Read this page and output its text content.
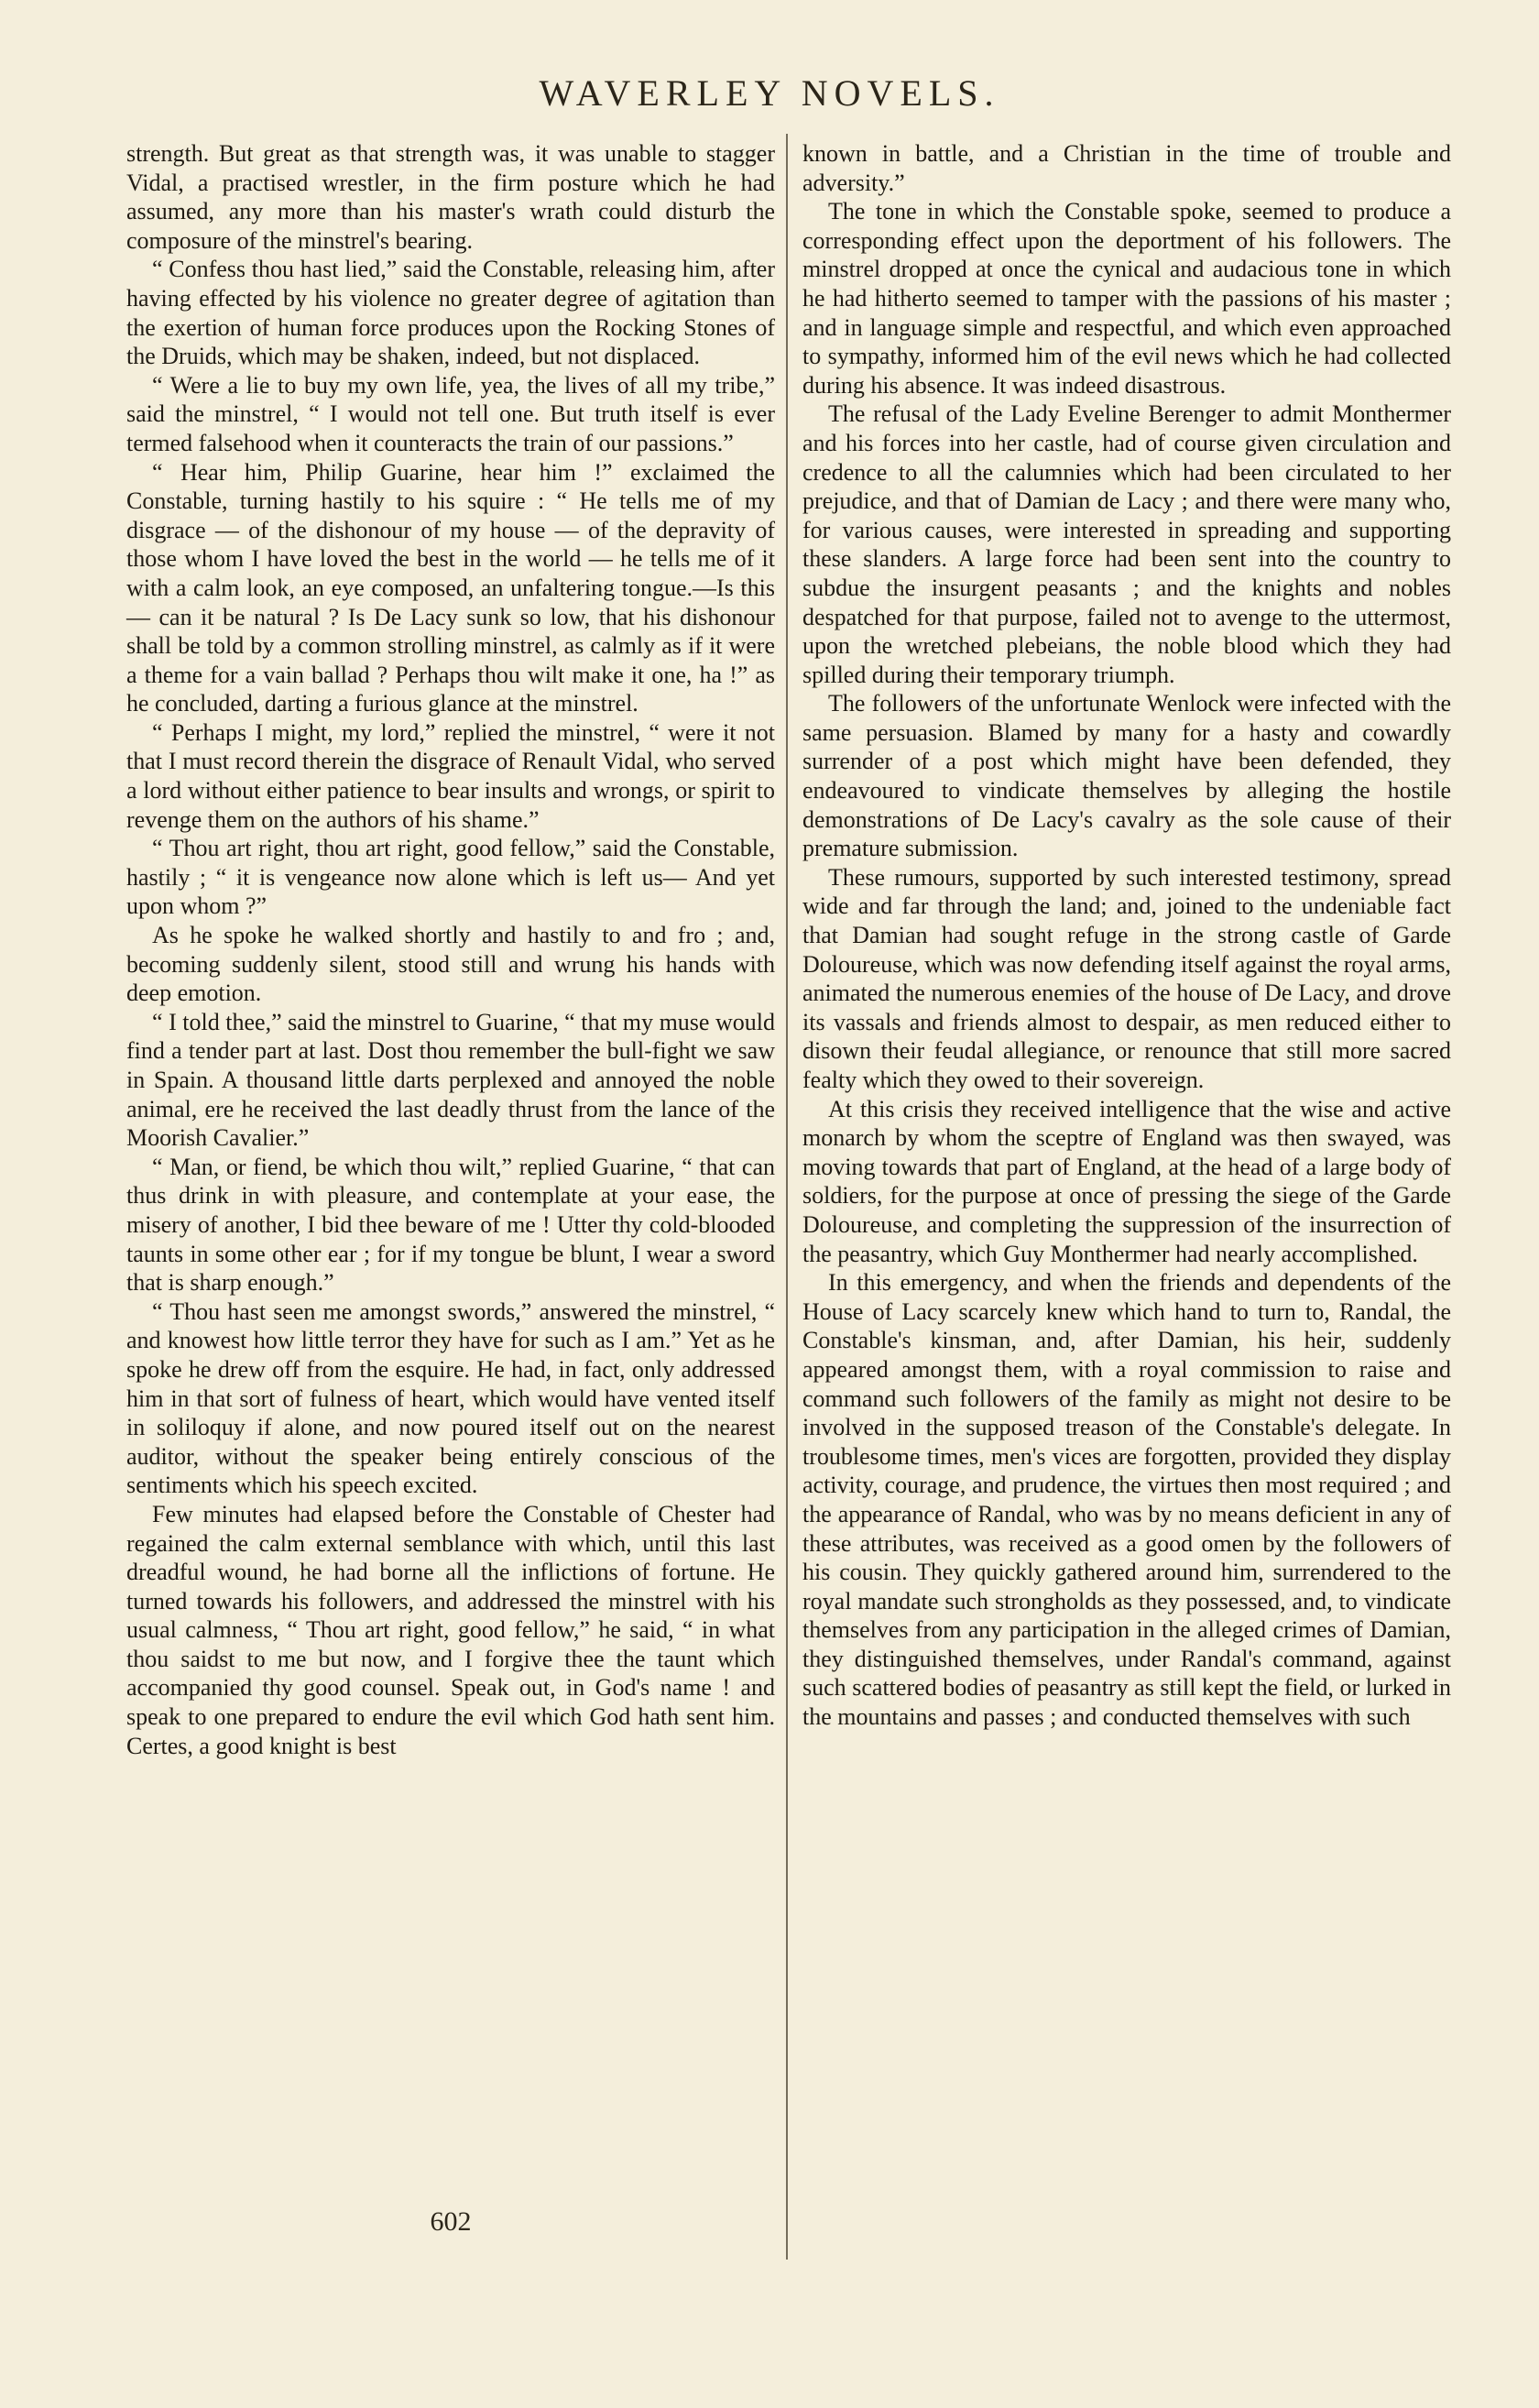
WAVERLEY NOVELS.

strength. But great as that strength was, it was unable to stagger Vidal, a practised wrestler, in the firm posture which he had assumed, any more than his master's wrath could disturb the composure of the minstrel's bearing.

“ Confess thou hast lied,” said the Constable, releasing him, after having effected by his violence no greater degree of agitation than the exertion of human force produces upon the Rocking Stones of the Druids, which may be shaken, indeed, but not displaced.

“ Were a lie to buy my own life, yea, the lives of all my tribe,” said the minstrel, “ I would not tell one. But truth itself is ever termed falsehood when it counteracts the train of our passions.”

“ Hear him, Philip Guarine, hear him !” exclaimed the Constable, turning hastily to his squire : “ He tells me of my disgrace — of the dishonour of my house — of the depravity of those whom I have loved the best in the world — he tells me of it with a calm look, an eye composed, an unfaltering tongue.—Is this — can it be natural ? Is De Lacy sunk so low, that his dishonour shall be told by a common strolling minstrel, as calmly as if it were a theme for a vain ballad ? Perhaps thou wilt make it one, ha !” as he concluded, darting a furious glance at the minstrel.

“ Perhaps I might, my lord,” replied the minstrel, “ were it not that I must record therein the disgrace of Renault Vidal, who served a lord without either patience to bear insults and wrongs, or spirit to revenge them on the authors of his shame.”

“ Thou art right, thou art right, good fellow,” said the Constable, hastily ; “ it is vengeance now alone which is left us— And yet upon whom ?”

As he spoke he walked shortly and hastily to and fro ; and, becoming suddenly silent, stood still and wrung his hands with deep emotion.

“ I told thee,” said the minstrel to Guarine, “ that my muse would find a tender part at last. Dost thou remember the bull-fight we saw in Spain. A thousand little darts perplexed and annoyed the noble animal, ere he received the last deadly thrust from the lance of the Moorish Cavalier.”

“ Man, or fiend, be which thou wilt,” replied Guarine, “ that can thus drink in with pleasure, and contemplate at your ease, the misery of another, I bid thee beware of me ! Utter thy cold-blooded taunts in some other ear ; for if my tongue be blunt, I wear a sword that is sharp enough.”

“ Thou hast seen me amongst swords,” answered the minstrel, “ and knowest how little terror they have for such as I am.” Yet as he spoke he drew off from the esquire. He had, in fact, only addressed him in that sort of fulness of heart, which would have vented itself in soliloquy if alone, and now poured itself out on the nearest auditor, without the speaker being entirely conscious of the sentiments which his speech excited.

Few minutes had elapsed before the Constable of Chester had regained the calm external semblance with which, until this last dreadful wound, he had borne all the inflictions of fortune. He turned towards his followers, and addressed the minstrel with his usual calmness, “ Thou art right, good fellow,” he said, “ in what thou saidst to me but now, and I forgive thee the taunt which accompanied thy good counsel. Speak out, in God's name ! and speak to one prepared to endure the evil which God hath sent him. Certes, a good knight is best

known in battle, and a Christian in the time of trouble and adversity.”

The tone in which the Constable spoke, seemed to produce a corresponding effect upon the deportment of his followers. The minstrel dropped at once the cynical and audacious tone in which he had hitherto seemed to tamper with the passions of his master ; and in language simple and respectful, and which even approached to sympathy, informed him of the evil news which he had collected during his absence. It was indeed disastrous.

The refusal of the Lady Eveline Berenger to admit Monthermer and his forces into her castle, had of course given circulation and credence to all the calumnies which had been circulated to her prejudice, and that of Damian de Lacy ; and there were many who, for various causes, were interested in spreading and supporting these slanders. A large force had been sent into the country to subdue the insurgent peasants ; and the knights and nobles despatched for that purpose, failed not to avenge to the uttermost, upon the wretched plebeians, the noble blood which they had spilled during their temporary triumph.

The followers of the unfortunate Wenlock were infected with the same persuasion. Blamed by many for a hasty and cowardly surrender of a post which might have been defended, they endeavoured to vindicate themselves by alleging the hostile demonstrations of De Lacy's cavalry as the sole cause of their premature submission.

These rumours, supported by such interested testimony, spread wide and far through the land; and, joined to the undeniable fact that Damian had sought refuge in the strong castle of Garde Doloureuse, which was now defending itself against the royal arms, animated the numerous enemies of the house of De Lacy, and drove its vassals and friends almost to despair, as men reduced either to disown their feudal allegiance, or renounce that still more sacred fealty which they owed to their sovereign.

At this crisis they received intelligence that the wise and active monarch by whom the sceptre of England was then swayed, was moving towards that part of England, at the head of a large body of soldiers, for the purpose at once of pressing the siege of the Garde Doloureuse, and completing the suppression of the insurrection of the peasantry, which Guy Monthermer had nearly accomplished.

In this emergency, and when the friends and dependents of the House of Lacy scarcely knew which hand to turn to, Randal, the Constable's kinsman, and, after Damian, his heir, suddenly appeared amongst them, with a royal commission to raise and command such followers of the family as might not desire to be involved in the supposed treason of the Constable's delegate. In troublesome times, men's vices are forgotten, provided they display activity, courage, and prudence, the virtues then most required ; and the appearance of Randal, who was by no means deficient in any of these attributes, was received as a good omen by the followers of his cousin. They quickly gathered around him, surrendered to the royal mandate such strongholds as they possessed, and, to vindicate themselves from any participation in the alleged crimes of Damian, they distinguished themselves, under Randal's command, against such scattered bodies of peasantry as still kept the field, or lurked in the mountains and passes ; and conducted themselves with such

602
